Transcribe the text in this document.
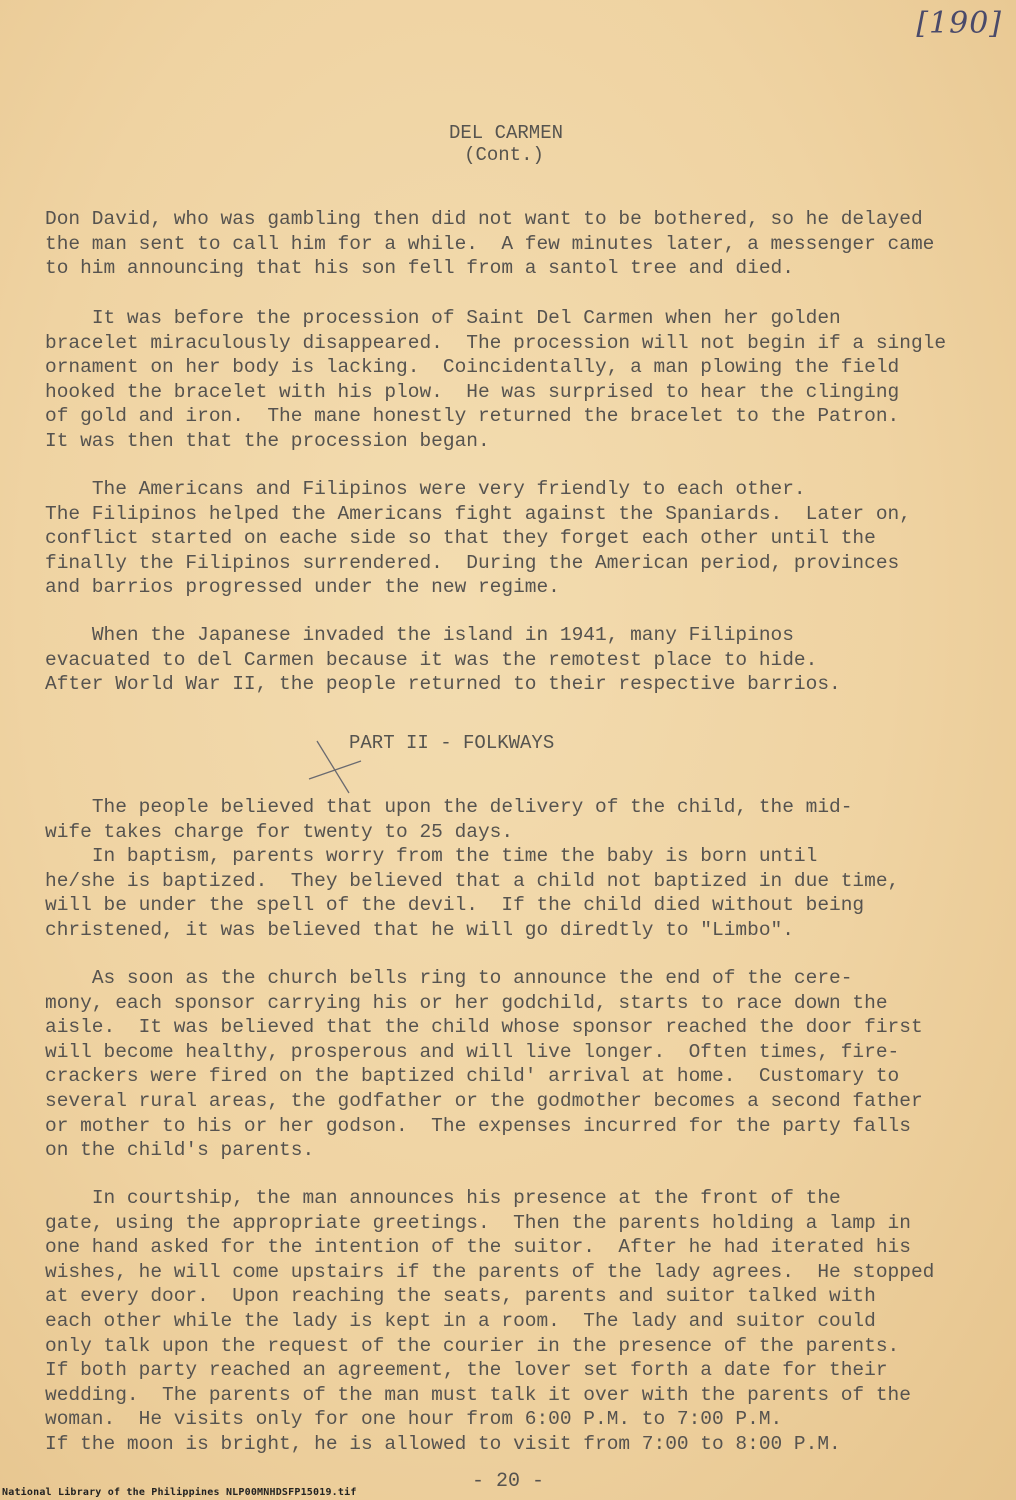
[190]
DEL CARMEN
(Cont.)

Don David, who was gambling then did not want to be bothered, so he delayed
the man sent to call him for a while.  A few minutes later, a messenger came
to him announcing that his son fell from a santol tree and died.

It was before the procession of Saint Del Carmen when her golden
bracelet miraculously disappeared.  The procession will not begin if a single
ornament on her body is lacking.  Coincidentally, a man plowing the field
hooked the bracelet with his plow.  He was surprised to hear the clinging
of gold and iron.  The mane honestly returned the bracelet to the Patron.
It was then that the procession began.

The Americans and Filipinos were very friendly to each other.
The Filipinos helped the Americans fight against the Spaniards.  Later on,
conflict started on eache side so that they forget each other until the
finally the Filipinos surrendered.  During the American period, provinces
and barrios progressed under the new regime.

When the Japanese invaded the island in 1941, many Filipinos
evacuated to del Carmen because it was the remotest place to hide.
After World War II, the people returned to their respective barrios.

PART II - FOLKWAYS

The people believed that upon the delivery of the child, the mid-
wife takes charge for twenty to 25 days.
In baptism, parents worry from the time the baby is born until
he/she is baptized.  They believed that a child not baptized in due time,
will be under the spell of the devil.  If the child died without being
christened, it was believed that he will go diredtly to "Limbo".

As soon as the church bells ring to announce the end of the cere-
mony, each sponsor carrying his or her godchild, starts to race down the
aisle.  It was believed that the child whose sponsor reached the door first
will become healthy, prosperous and will live longer.  Often times, fire-
crackers were fired on the baptized child' arrival at home.  Customary to
several rural areas, the godfather or the godmother becomes a second father
or mother to his or her godson.  The expenses incurred for the party falls
on the child's parents.

In courtship, the man announces his presence at the front of the
gate, using the appropriate greetings.  Then the parents holding a lamp in
one hand asked for the intention of the suitor.  After he had iterated his
wishes, he will come upstairs if the parents of the lady agrees.  He stopped
at every door.  Upon reaching the seats, parents and suitor talked with
each other while the lady is kept in a room.  The lady and suitor could
only talk upon the request of the courier in the presence of the parents.
If both party reached an agreement, the lover set forth a date for their
wedding.  The parents of the man must talk it over with the parents of the
woman.  He visits only for one hour from 6:00 P.M. to 7:00 P.M.
If the moon is bright, he is allowed to visit from 7:00 to 8:00 P.M.

- 20 -
National Library of the Philippines NLP00MNHDSFP15019.tif
